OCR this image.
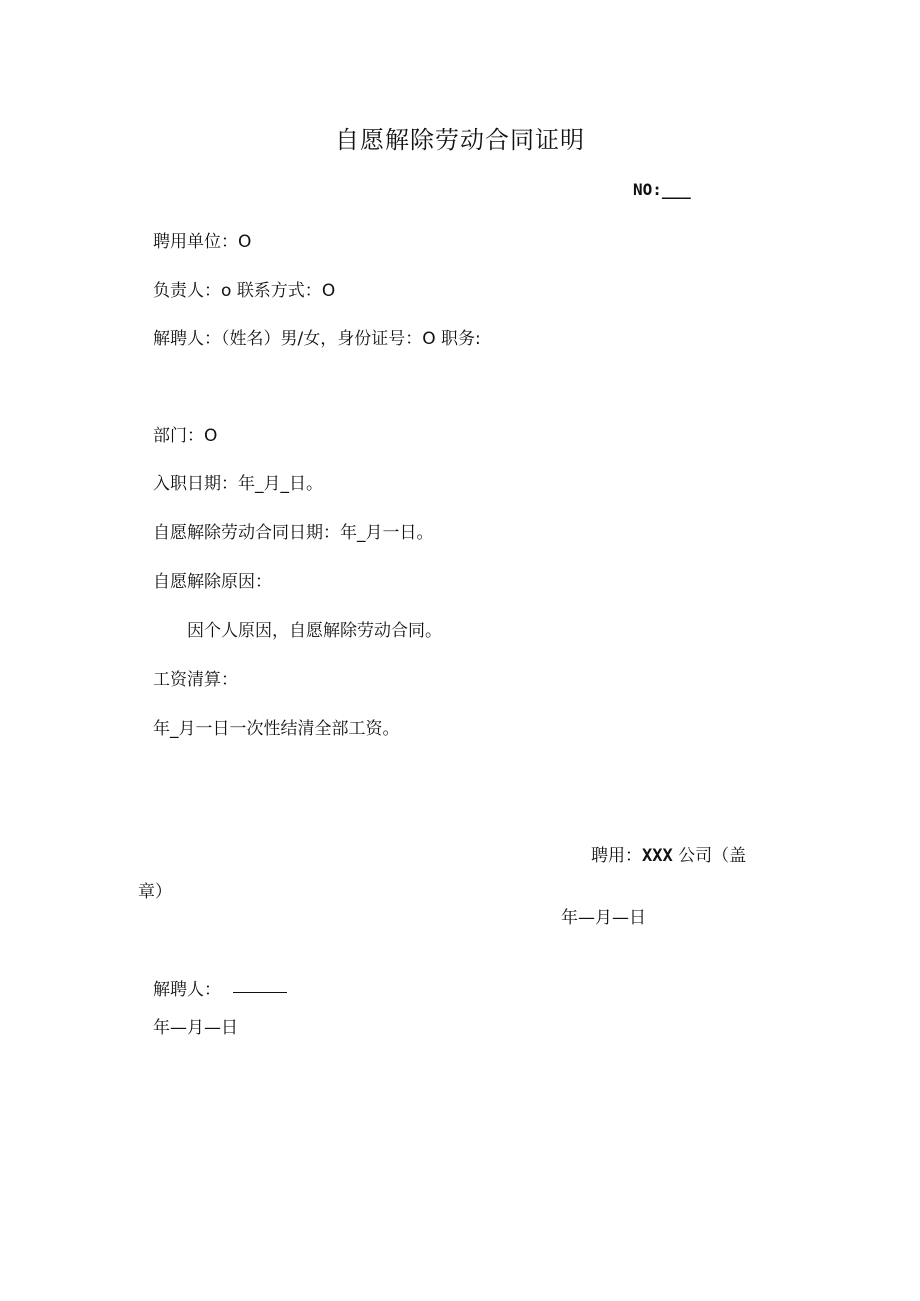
自愿解除劳动合同证明
NO:___
聘用单位：O
负责人：o 联系方式：O
解聘人：（姓名）男/女，身份证号：O 职务:
部门：O
入职日期：年_月_日。
自愿解除劳动合同日期：年_月一日。
自愿解除原因：
因个人原因，自愿解除劳动合同。
工资清算：
年_月一日一次性结清全部工资。
聘用：XXX 公司（盖
章）
年—月—日
解聘人：
年—月—日
